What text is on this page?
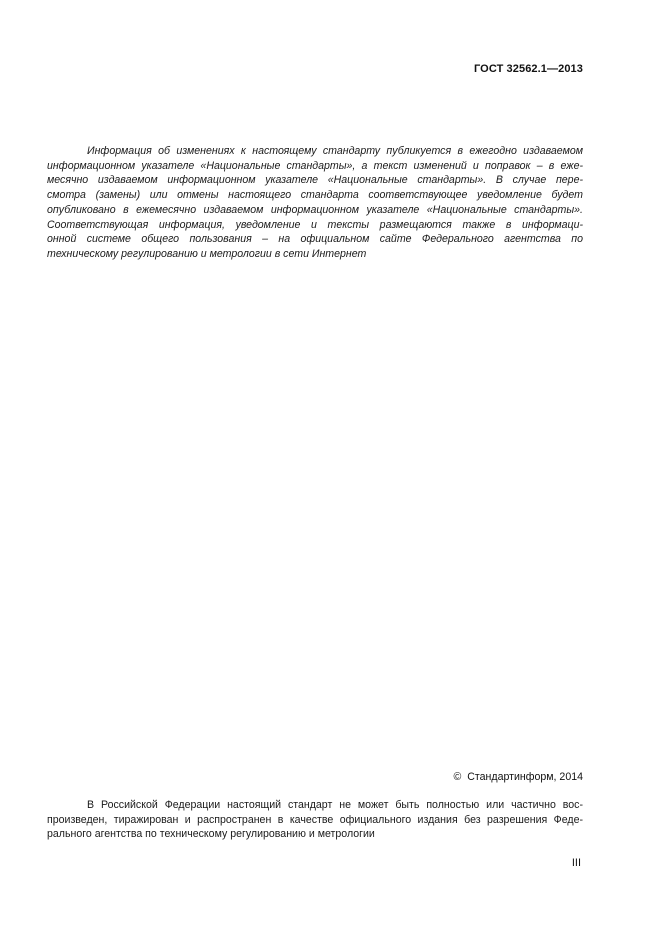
ГОСТ 32562.1—2013
Информация об изменениях к настоящему стандарту публикуется в ежегодно издаваемом
информационном указателе «Национальные стандарты», а текст изменений и поправок – в еже-
месячно издаваемом информационном указателе «Национальные стандарты». В случае пере-
смотра (замены) или отмены настоящего стандарта соответствующее уведомление будет
опубликовано в ежемесячно издаваемом информационном указателе «Национальные стандарты».
Соответствующая информация, уведомление и тексты размещаются также в информаци-
онной системе общего пользования – на официальном сайте Федерального агентства по
техническому регулированию и метрологии в сети Интернет
© Стандартинформ, 2014
В Российской Федерации настоящий стандарт не может быть полностью или частично вос-
произведен, тиражирован и распространен в качестве официального издания без разрешения Феде-
рального агентства по техническому регулированию и метрологии
III
